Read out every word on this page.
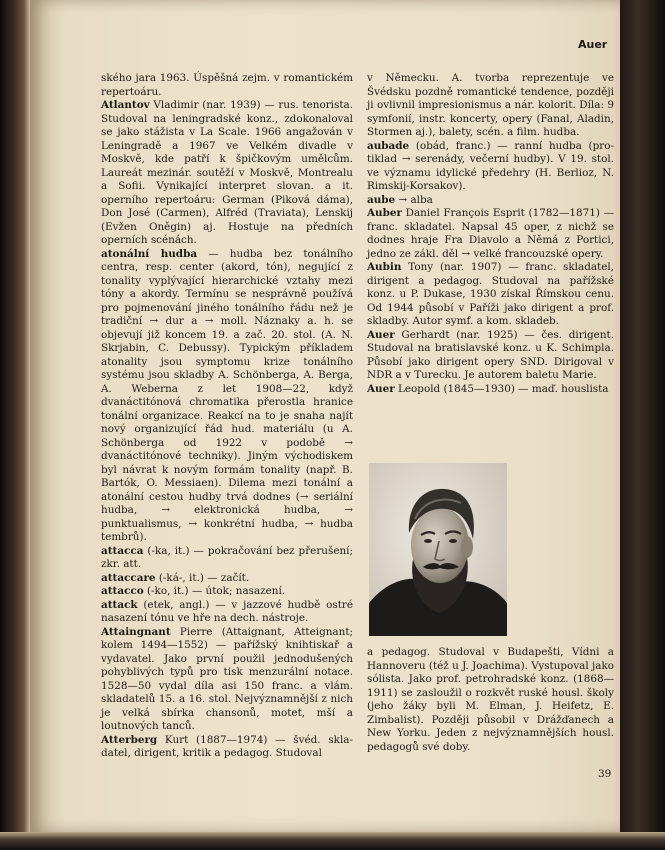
Auer

ského jara 1963. Úspěšná zejm. v romantickém repertoáru.

Atlantov Vladimir (nar. 1939) — rus. tenorista. Studoval na leningradské konz., zdokonaloval se jako stážista v La Scale. 1966 angažován v Leningradě a 1967 ve Velkém divadle v Moskvě, kde patří k špičkovým umělcům. Laureát mezinár. soutěží v Moskvě, Montrealu a Sofii. Vynikající interpret slovan. a it. operního repertoáru: German (Piková dáma), Don José (Carmen), Alfréd (Traviata), Lenskij (Evžen Oněgin) aj. Hostuje na předních operních scénách.

atonální hudba — hudba bez tonálního centra, resp. center (akord, tón), negující z tonality vyplývající hierarchické vztahy mezi tóny a akordy. Termínu se nesprávně používá pro pojmenování jiného tonálního řádu než je tradiční → dur a → moll. Náznaky a. h. se objevují již koncem 19. a zač. 20. stol. (A. N. Skrjabin, C. Debussy). Typickým příkladem atonality jsou symptomu krize tonálního systému jsou skladby A. Schönberga, A. Berga, A. Weberna z let 1908—22, když dvanáctitónová chromatika přerostla hranice tonální organizace. Reakcí na to je snaha najít nový organizující řád hud. materiálu (u A. Schönberga od 1922 v podobě → dvanáctitónové techniky). Jiným východiskem byl návrat k novým formám tonality (např. B. Bartók, O. Messiaen). Dilema mezi tonální a atonální cestou hudby trvá dodnes (→ seriální hudba, → elektronická hudba, → punktualismus, → konkrétní hudba, → hudba tembrů).

attacca (-ka, it.) — pokračování bez přerušení; zkr. att.

attaccare (-ká-, it.) — začít.

attacco (-ko, it.) — útok; nasazení.

attack (etek, angl.) — v jazzové hudbě ostré nasazení tónu ve hře na dech. nástroje.

Attaingnant Pierre (Attaignant, Atteignant; kolem 1494—1552) — pařížský knihtiskař a vydavatel. Jako první použil jednodušených pohyblivých typů pro tisk menzurální notace. 1528—50 vydal díla asi 150 franc. a vlám. skladatelů 15. a 16. stol. Nejvýznamnější z nich je velká sbírka chansonů, motet, mší a loutnových tanců.

Atterberg Kurt (1887—1974) — švéd. skladatel, dirigent, kritik a pedagog. Studoval

v Německu. A. tvorba reprezentuje ve Švédsku pozdně romantické tendence, později ji ovlivnil impresionismus a nár. kolorit. Díla: 9 symfonií, instr. koncerty, opery (Fanal, Aladin, Stormen aj.), balety, scén. a film. hudba.

aubade (obád, franc.) — ranní hudba (protiklad → serenády, večerní hudby). V 19. stol. ve významu idylické předehry (H. Berlioz, N. Rimskij-Korsakov).

aube → alba

Auber Daniel François Esprit (1782—1871) — franc. skladatel. Napsal 45 oper, z nichž se dodnes hraje Fra Diavolo a Němá z Portici, jedno ze zákl. děl → velké francouzské opery.

Aubin Tony (nar. 1907) — franc. skladatel, dirigent a pedagog. Studoval na pařížské konz. u P. Dukase, 1930 získal Římskou cenu. Od 1944 působí v Paříži jako dirigent a prof. skladby. Autor symf. a kom. skladeb.

Auer Gerhardt (nar. 1925) — čes. dirigent. Studoval na bratislavské konz. u K. Schimpla. Působí jako dirigent opery SND. Dirigoval v NDR a v Turecku. Je autorem baletu Marie.

Auer Leopold (1845—1930) — maď. houslista

a pedagog. Studoval v Budapešti, Vídni a Hannoveru (též u J. Joachima). Vystupoval jako sólista. Jako prof. petrohradské konz. (1868—1911) se zasloužil o rozkvět ruské housl. školy (jeho žáky byli M. Elman, J. Heifetz, E. Zimbalist). Později působil v Drážďanech a New Yorku. Jeden z nejvýznamnějších housl. pedagogů své doby.

39
